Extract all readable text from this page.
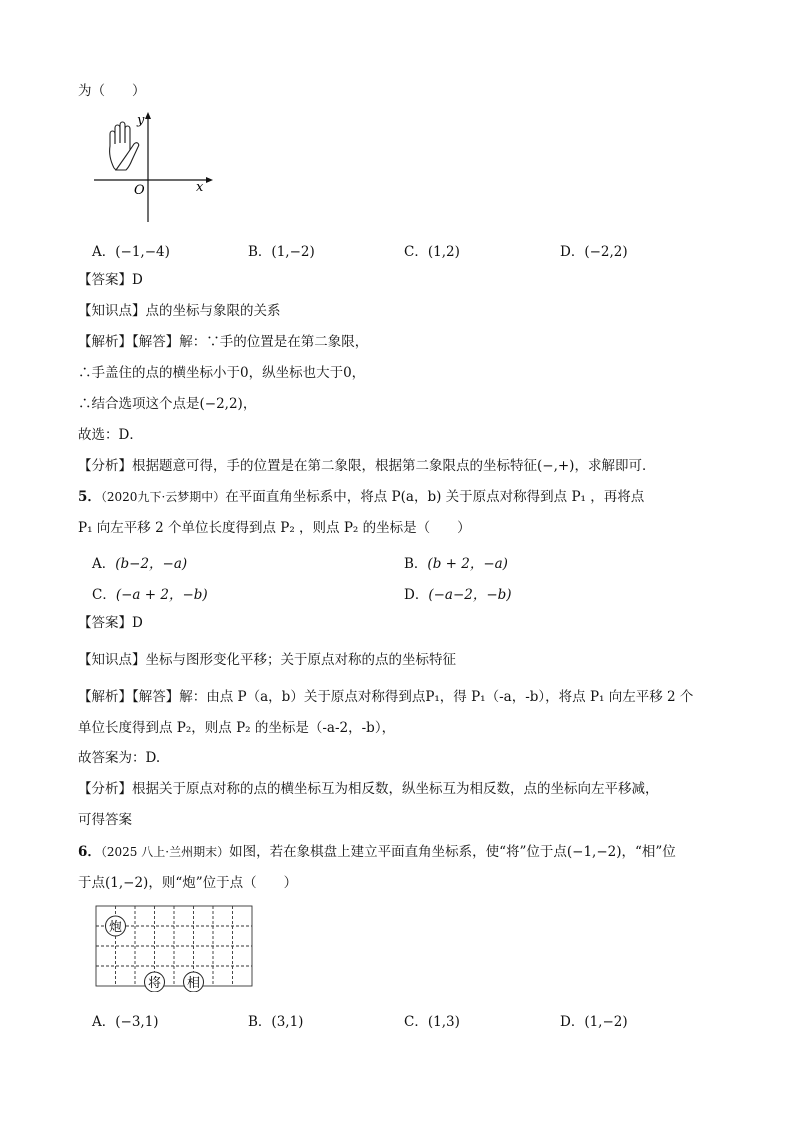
为（　　）
x
y
O
A．(−1,−4)	B．(1,−2)	C．(1,2)	D．(−2,2)
【答案】D
【知识点】点的坐标与象限的关系
【解析】【解答】解：∵手的位置是在第二象限，
∴手盖住的点的横坐标小于0，纵坐标也大于0，
∴结合选项这个点是(−2,2)，
故选：D．
【分析】根据题意可得，手的位置是在第二象限，根据第二象限点的坐标特征(−,+)，求解即可．
5．（2020九下·云梦期中）在平面直角坐标系中，将点 P(a，b) 关于原点对称得到点 P₁ ，再将点
P₁ 向左平移 2 个单位长度得到点 P₂ ，则点 P₂ 的坐标是（　　）
A．(b−2，−a)	B．(b + 2，−a)
C．(−a + 2，−b)	D．(−a−2，−b)
【答案】D
【知识点】坐标与图形变化平移；关于原点对称的点的坐标特征
【解析】【解答】解：由点 P（a，b）关于原点对称得到点P₁，得 P₁（-a，-b），将点 P₁ 向左平移 2 个
单位长度得到点 P₂，则点 P₂ 的坐标是（-a-2，-b），
故答案为：D.
【分析】根据关于原点对称的点的横坐标互为相反数，纵坐标互为相反数，点的坐标向左平移减，
可得答案
6．（2025 八上·兰州期末）如图，若在象棋盘上建立平面直角坐标系，使“将”位于点(−1,−2)，“相”位
于点(1,−2)，则“炮”位于点（　　）
炮
将 相
A．(−3,1)	B．(3,1)	C．(1,3)	D．(1,−2)
